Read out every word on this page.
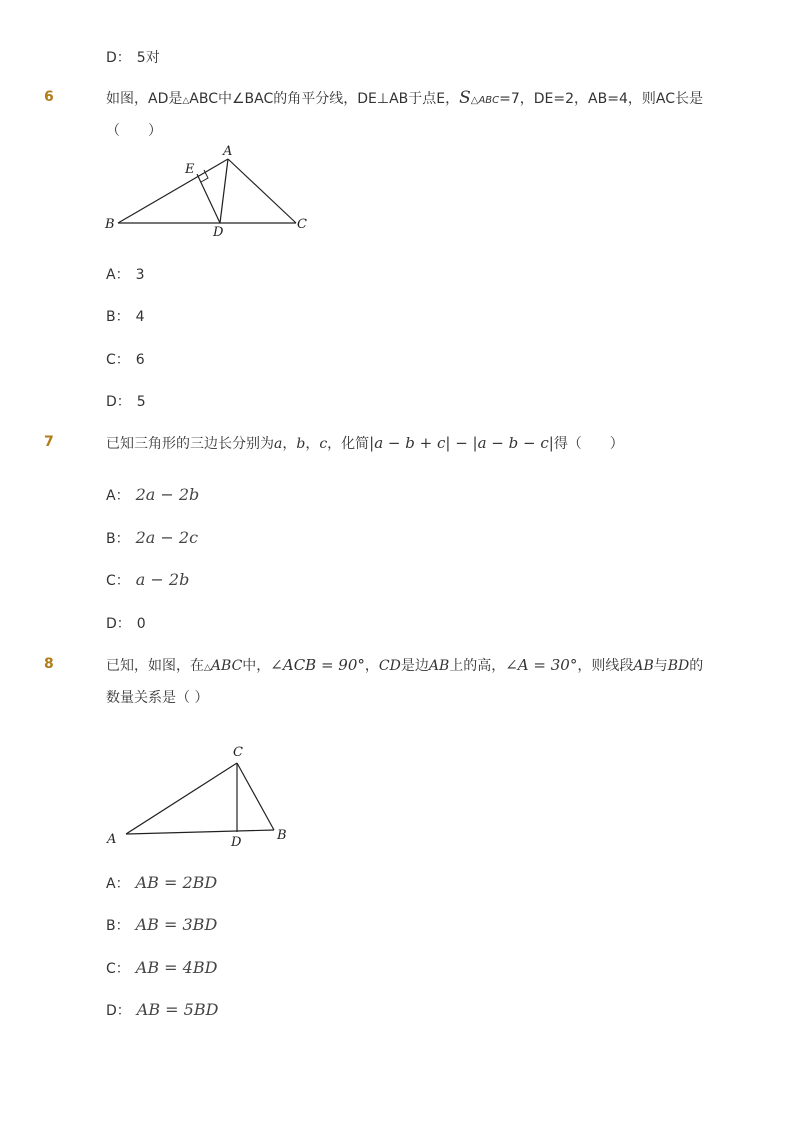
D： 5对
6	如图，AD是△ABC中∠BAC的角平分线，DE⊥AB于点E，S△ABC=7，DE=2，AB=4，则AC长是
（　　）
A
B	C
D
E
A： 3
B： 4
C： 6
D： 5
7	已知三角形的三边长分别为a，b，c，化简|a − b + c| − |a − b − c|得（　　）
A： 2a − 2b
B： 2a − 2c
C： a − 2b
D： 0
8	已知，如图，在△ABC中，∠ACB = 90°，CD是边AB上的高，∠A = 30°，则线段AB与BD的
数量关系是（ ）
C
A	D	B
A： AB = 2BD
B： AB = 3BD
C： AB = 4BD
D： AB = 5BD
